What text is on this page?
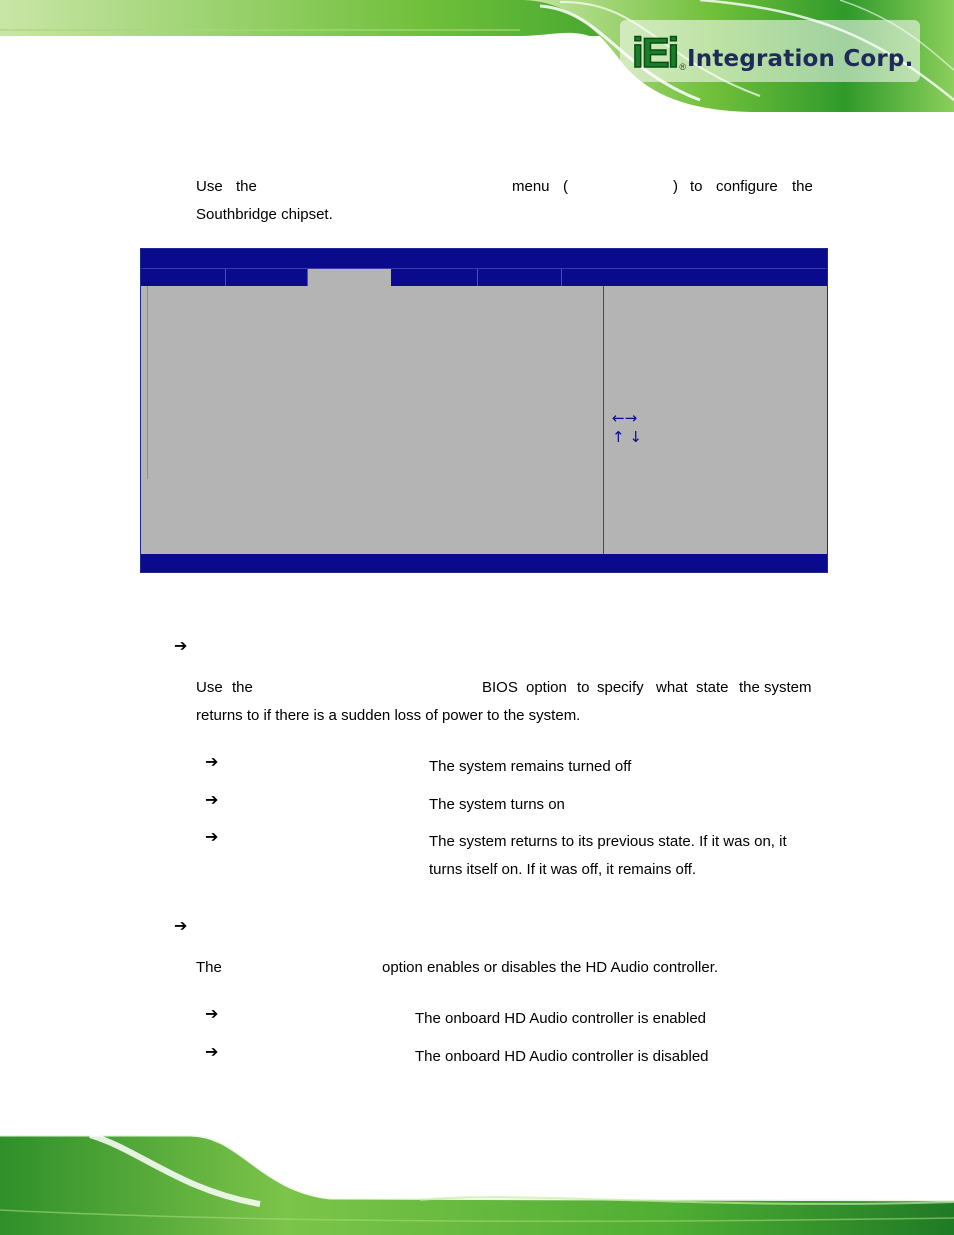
iEi ® Integration Corp.
Use the	menu (	) to configure the
Southbridge chipset.
←→
↑ ↓
➔
Use the	BIOS option to specify what state the system
returns to if there is a sudden loss of power to the system.
➔	The system remains turned off
➔	The system turns on
➔	The system returns to its previous state. If it was on, it turns itself on. If it was off, it remains off.
➔
The	option enables or disables the HD Audio controller.
➔	The onboard HD Audio controller is enabled
➔	The onboard HD Audio controller is disabled
